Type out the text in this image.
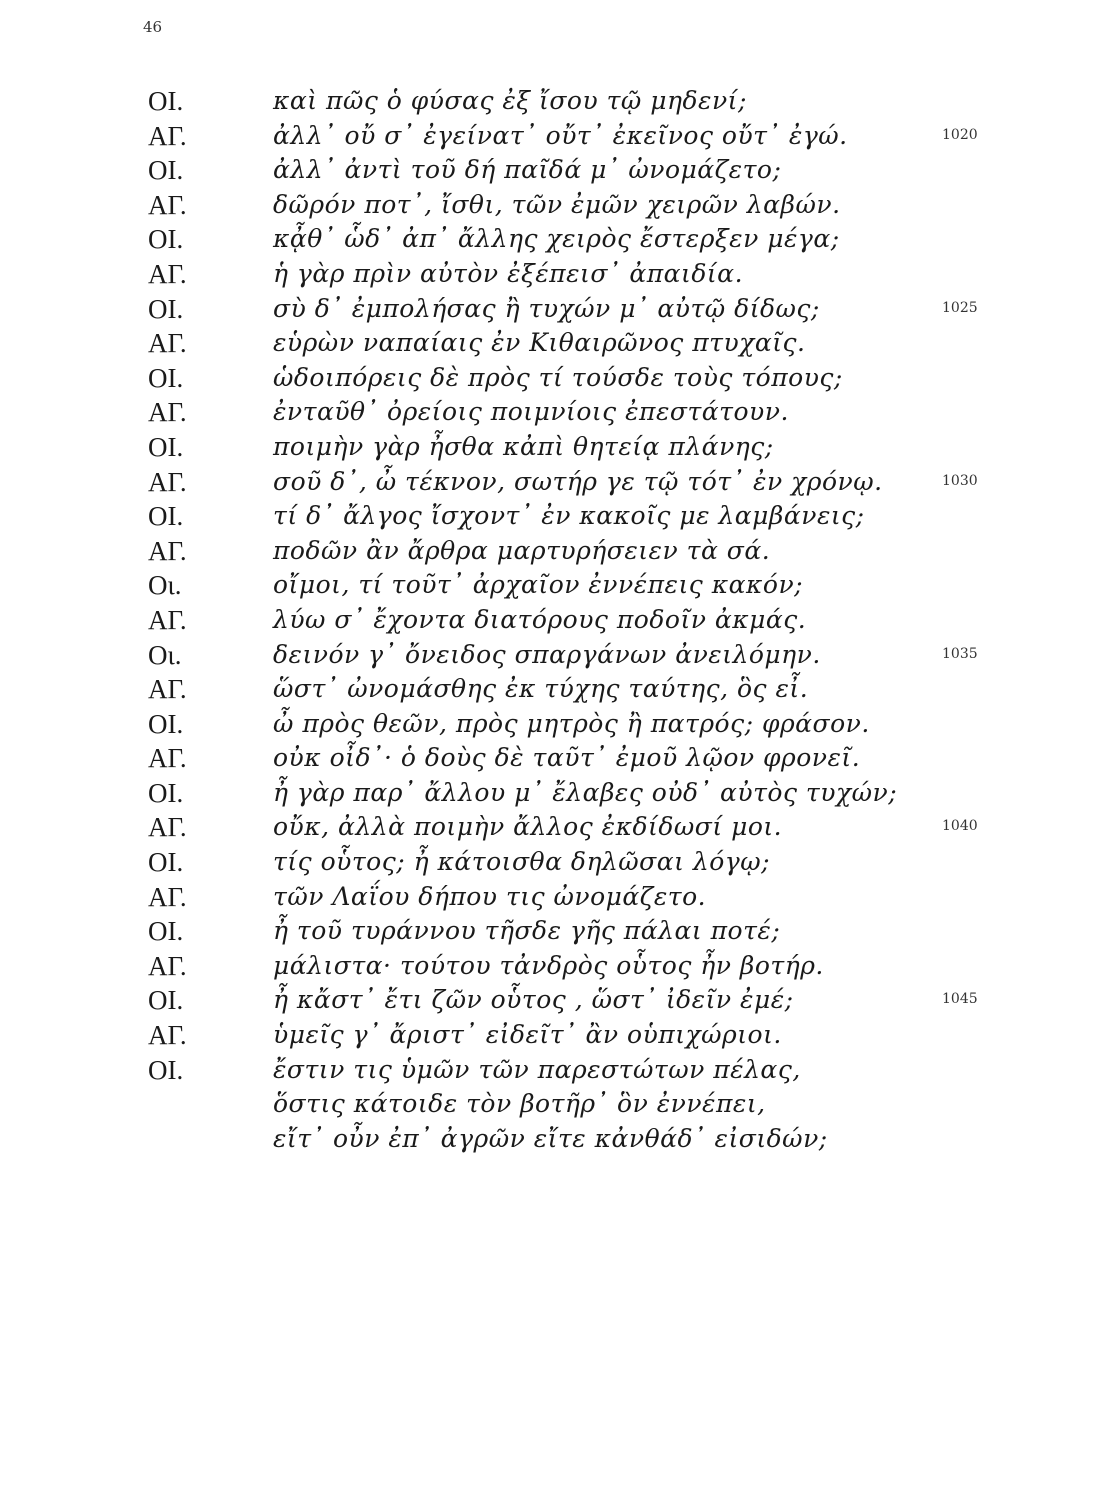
46
ΟΙ.	καὶ πῶς ὁ φύσας ἐξ ἴσου τῷ μηδενί;
ΑΓ.	ἀλλ᾽ οὔ σ᾽ ἐγείνατ᾽ οὔτ᾽ ἐκεῖνος οὔτ᾽ ἐγώ.	1020
ΟΙ.	ἀλλ᾽ ἀντὶ τοῦ δή παῖδά μ᾽ ὠνομάζετο;
ΑΓ.	δῶρόν ποτ᾽, ἴσθι, τῶν ἐμῶν χειρῶν λαβών.
ΟΙ.	κᾆθ᾽ ὧδ᾽ ἀπ᾽ ἄλλης χειρὸς ἔστερξεν μέγα;
ΑΓ.	ἡ γὰρ πρὶν αὐτὸν ἐξέπεισ᾽ ἀπαιδία.
ΟΙ.	σὺ δ᾽ ἐμπολήσας ἢ τυχών μ᾽ αὐτῷ δίδως;	1025
ΑΓ.	εὑρὼν ναπαίαις ἐν Κιθαιρῶνος πτυχαῖς.
ΟΙ.	ὡδοιπόρεις δὲ πρὸς τί τούσδε τοὺς τόπους;
ΑΓ.	ἐνταῦθ᾽ ὀρείοις ποιμνίοις ἐπεστάτουν.
ΟΙ.	ποιμὴν γὰρ ἦσθα κἀπὶ θητείᾳ πλάνης;
ΑΓ.	σοῦ δ᾽, ὦ τέκνον, σωτήρ γε τῷ τότ᾽ ἐν χρόνῳ.	1030
ΟΙ.	τί δ᾽ ἄλγος ἴσχοντ᾽ ἐν κακοῖς με λαμβάνεις;
ΑΓ.	ποδῶν ἂν ἄρθρα μαρτυρήσειεν τὰ σά.
Οι.	οἴμοι, τί τοῦτ᾽ ἀρχαῖον ἐννέπεις κακόν;
ΑΓ.	λύω σ᾽ ἔχοντα διατόρους ποδοῖν ἀκμάς.
Οι.	δεινόν γ᾽ ὄνειδος σπαργάνων ἀνειλόμην.	1035
ΑΓ.	ὥστ᾽ ὠνομάσθης ἐκ τύχης ταύτης, ὃς εἶ.
ΟΙ.	ὦ πρὸς θεῶν, πρὸς μητρὸς ἢ πατρός; φράσον.
ΑΓ.	οὐκ οἶδ᾽· ὁ δοὺς δὲ ταῦτ᾽ ἐμοῦ λῷον φρονεῖ.
ΟΙ.	ἦ γὰρ παρ᾽ ἄλλου μ᾽ ἔλαβες οὐδ᾽ αὐτὸς τυχών;
ΑΓ.	οὔκ, ἀλλὰ ποιμὴν ἄλλος ἐκδίδωσί μοι.	1040
ΟΙ.	τίς οὗτος; ἦ κάτοισθα δηλῶσαι λόγῳ;
ΑΓ.	τῶν Λαΐου δήπου τις ὠνομάζετο.
ΟΙ.	ἦ τοῦ τυράννου τῆσδε γῆς πάλαι ποτέ;
ΑΓ.	μάλιστα· τούτου τἀνδρὸς οὗτος ἦν βοτήρ.
ΟΙ.	ἦ κἄστ᾽ ἔτι ζῶν οὗτος , ὥστ᾽ ἰδεῖν ἐμέ;	1045
ΑΓ.	ὑμεῖς γ᾽ ἄριστ᾽ εἰδεῖτ᾽ ἂν οὑπιχώριοι.
ΟΙ.	ἔστιν τις ὑμῶν τῶν παρεστώτων πέλας,
ὅστις κάτοιδε τὸν βοτῆρ᾽ ὃν ἐννέπει,
εἴτ᾽ οὖν ἐπ᾽ ἀγρῶν εἴτε κἀνθάδ᾽ εἰσιδών;
